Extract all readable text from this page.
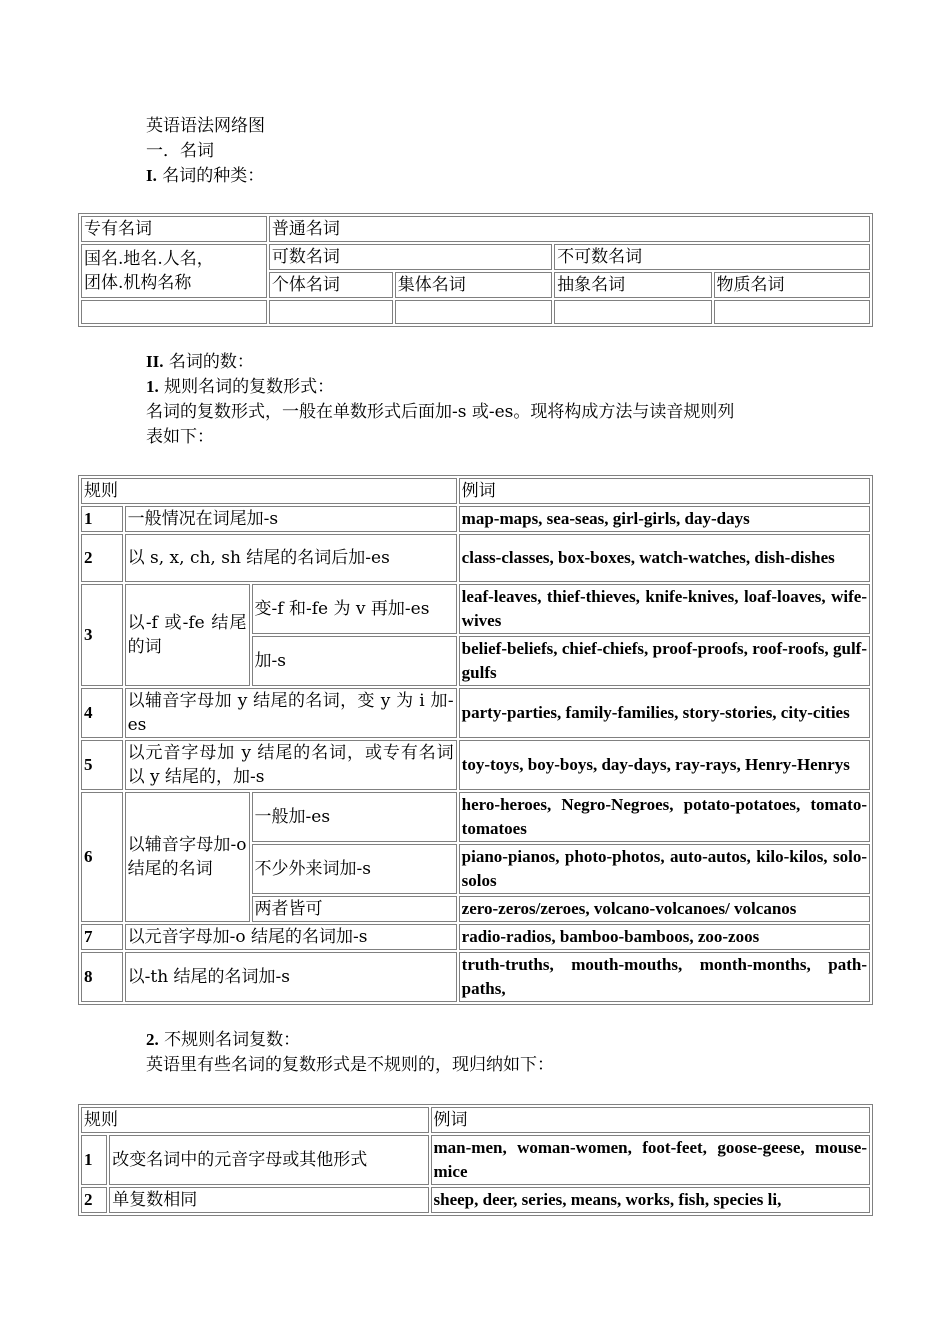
英语语法网络图
一．名词
I. 名词的种类：
专有名词	普通名词			

国名.地名.人名，
团体.机构名称	可数名词		不可数名词	
	个体名词	集体名词	抽象名词	物质名词

II. 名词的数：
1. 规则名词的复数形式：
名词的复数形式，一般在单数形式后面加-s 或-es。现将构成方法与读音规则列
表如下：
规则			例词
1	一般情况在词尾加-s		map-maps, sea-seas, girl-girls, day-days
2	以 s, x, ch, sh 结尾的名词后加-es		class-classes, box-boxes, watch-watches, dish-dishes
3	以-f 或-fe 结尾的词	变-f 和-fe 为 v 再加-es	leaf-leaves, thief-thieves, knife-knives, loaf-loaves, wife-wives
		加-s	belief-beliefs, chief-chiefs, proof-proofs, roof-roofs, gulf-gulfs
4	以辅音字母加 y 结尾的名词，变 y 为 i 加-es		party-parties, family-families, story-stories, city-cities
5	以元音字母加 y 结尾的名词，或专有名词以 y 结尾的，加-s		toy-toys, boy-boys, day-days, ray-rays, Henry-Henrys
6	以辅音字母加-o 结尾的名词	一般加-es	hero-heroes, Negro-Negroes, potato-potatoes, tomato-tomatoes
		不少外来词加-s	piano-pianos, photo-photos, auto-autos, kilo-kilos, solo-solos
		两者皆可	zero-zeros/zeroes, volcano-volcanoes/ volcanos
7	以元音字母加-o 结尾的名词加-s		radio-radios, bamboo-bamboos, zoo-zoos
8	以-th 结尾的名词加-s		truth-truths, mouth-mouths, month-months, path-paths,
2. 不规则名词复数：
英语里有些名词的复数形式是不规则的，现归纳如下：
规则		例词
1	改变名词中的元音字母或其他形式	man-men, woman-women, foot-feet, goose-geese, mouse-mice
2	单复数相同	sheep, deer, series, means, works, fish, species li,
